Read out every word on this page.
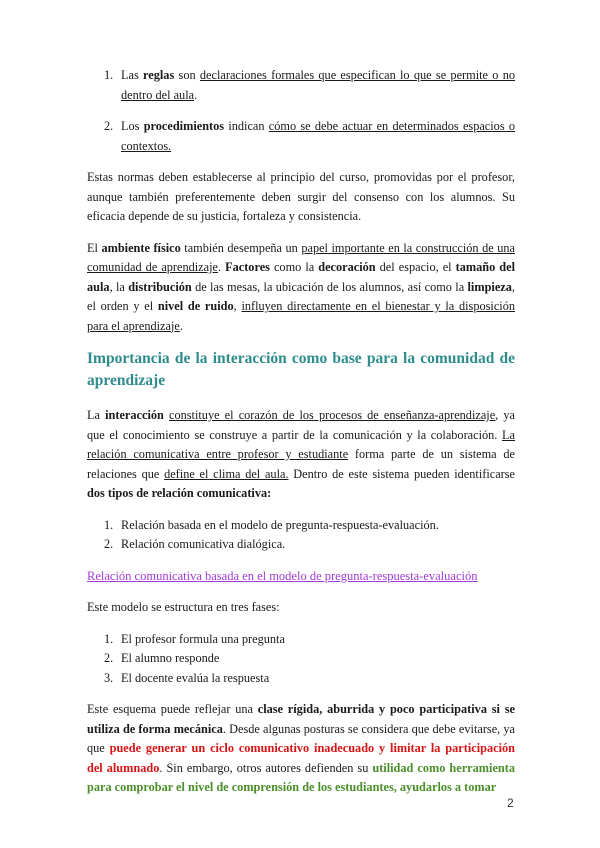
1. Las reglas son declaraciones formales que especifican lo que se permite o no dentro del aula.
2. Los procedimientos indican cómo se debe actuar en determinados espacios o contextos.

Estas normas deben establecerse al principio del curso, promovidas por el profesor, aunque también preferentemente deben surgir del consenso con los alumnos. Su eficacia depende de su justicia, fortaleza y consistencia.

El ambiente físico también desempeña un papel importante en la construcción de una comunidad de aprendizaje. Factores como la decoración del espacio, el tamaño del aula, la distribución de las mesas, la ubicación de los alumnos, así como la limpieza, el orden y el nivel de ruido, influyen directamente en el bienestar y la disposición para el aprendizaje.

Importancia de la interacción como base para la comunidad de aprendizaje

La interacción constituye el corazón de los procesos de enseñanza-aprendizaje, ya que el conocimiento se construye a partir de la comunicación y la colaboración. La relación comunicativa entre profesor y estudiante forma parte de un sistema de relaciones que define el clima del aula. Dentro de este sistema pueden identificarse dos tipos de relación comunicativa:

1. Relación basada en el modelo de pregunta-respuesta-evaluación.
2. Relación comunicativa dialógica.
Relación comunicativa basada en el modelo de pregunta-respuesta-evaluación

Este modelo se estructura en tres fases:

1. El profesor formula una pregunta
2. El alumno responde
3. El docente evalúa la respuesta

Este esquema puede reflejar una clase rígida, aburrida y poco participativa si se utiliza de forma mecánica. Desde algunas posturas se considera que debe evitarse, ya que puede generar un ciclo comunicativo inadecuado y limitar la participación del alumnado. Sin embargo, otros autores defienden su utilidad como herramienta para comprobar el nivel de comprensión de los estudiantes, ayudarlos a tomar

2
